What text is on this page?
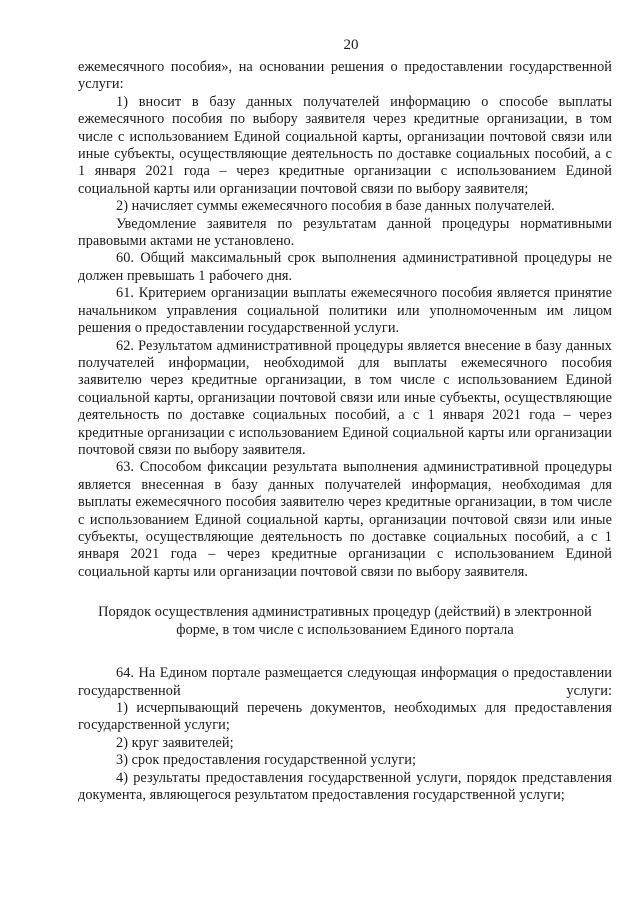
20

ежемесячного пособия», на основании решения о предоставлении государственной услуги:

1) вносит в базу данных получателей информацию о способе выплаты ежемесячного пособия по выбору заявителя через кредитные организации, в том числе с использованием Единой социальной карты, организации почтовой связи или иные субъекты, осуществляющие деятельность по доставке социальных пособий, а с 1 января 2021 года – через кредитные организации с использованием Единой социальной карты или организации почтовой связи по выбору заявителя;

2) начисляет суммы ежемесячного пособия в базе данных получателей.

Уведомление заявителя по результатам данной процедуры нормативными правовыми актами не установлено.

60. Общий максимальный срок выполнения административной процедуры не должен превышать 1 рабочего дня.

61. Критерием организации выплаты ежемесячного пособия является принятие начальником управления социальной политики или уполномоченным им лицом решения о предоставлении государственной услуги.

62. Результатом административной процедуры является внесение в базу данных получателей информации, необходимой для выплаты ежемесячного пособия заявителю через кредитные организации, в том числе с использованием Единой социальной карты, организации почтовой связи или иные субъекты, осуществляющие деятельность по доставке социальных пособий, а с 1 января 2021 года – через кредитные организации с использованием Единой социальной карты или организации почтовой связи по выбору заявителя.

63. Способом фиксации результата выполнения административной процедуры является внесенная в базу данных получателей информация, необходимая для выплаты ежемесячного пособия заявителю через кредитные организации, в том числе с использованием Единой социальной карты, организации почтовой связи или иные субъекты, осуществляющие деятельность по доставке социальных пособий, а с 1 января 2021 года – через кредитные организации с использованием Единой социальной карты или организации почтовой связи по выбору заявителя.

Порядок осуществления административных процедур (действий) в электронной форме, в том числе с использованием Единого портала

64. На Едином портале размещается следующая информация о предоставлении государственной услуги:

1) исчерпывающий перечень документов, необходимых для предоставления государственной услуги;

2) круг заявителей;

3) срок предоставления государственной услуги;

4) результаты предоставления государственной услуги, порядок представления документа, являющегося результатом предоставления государственной услуги;
